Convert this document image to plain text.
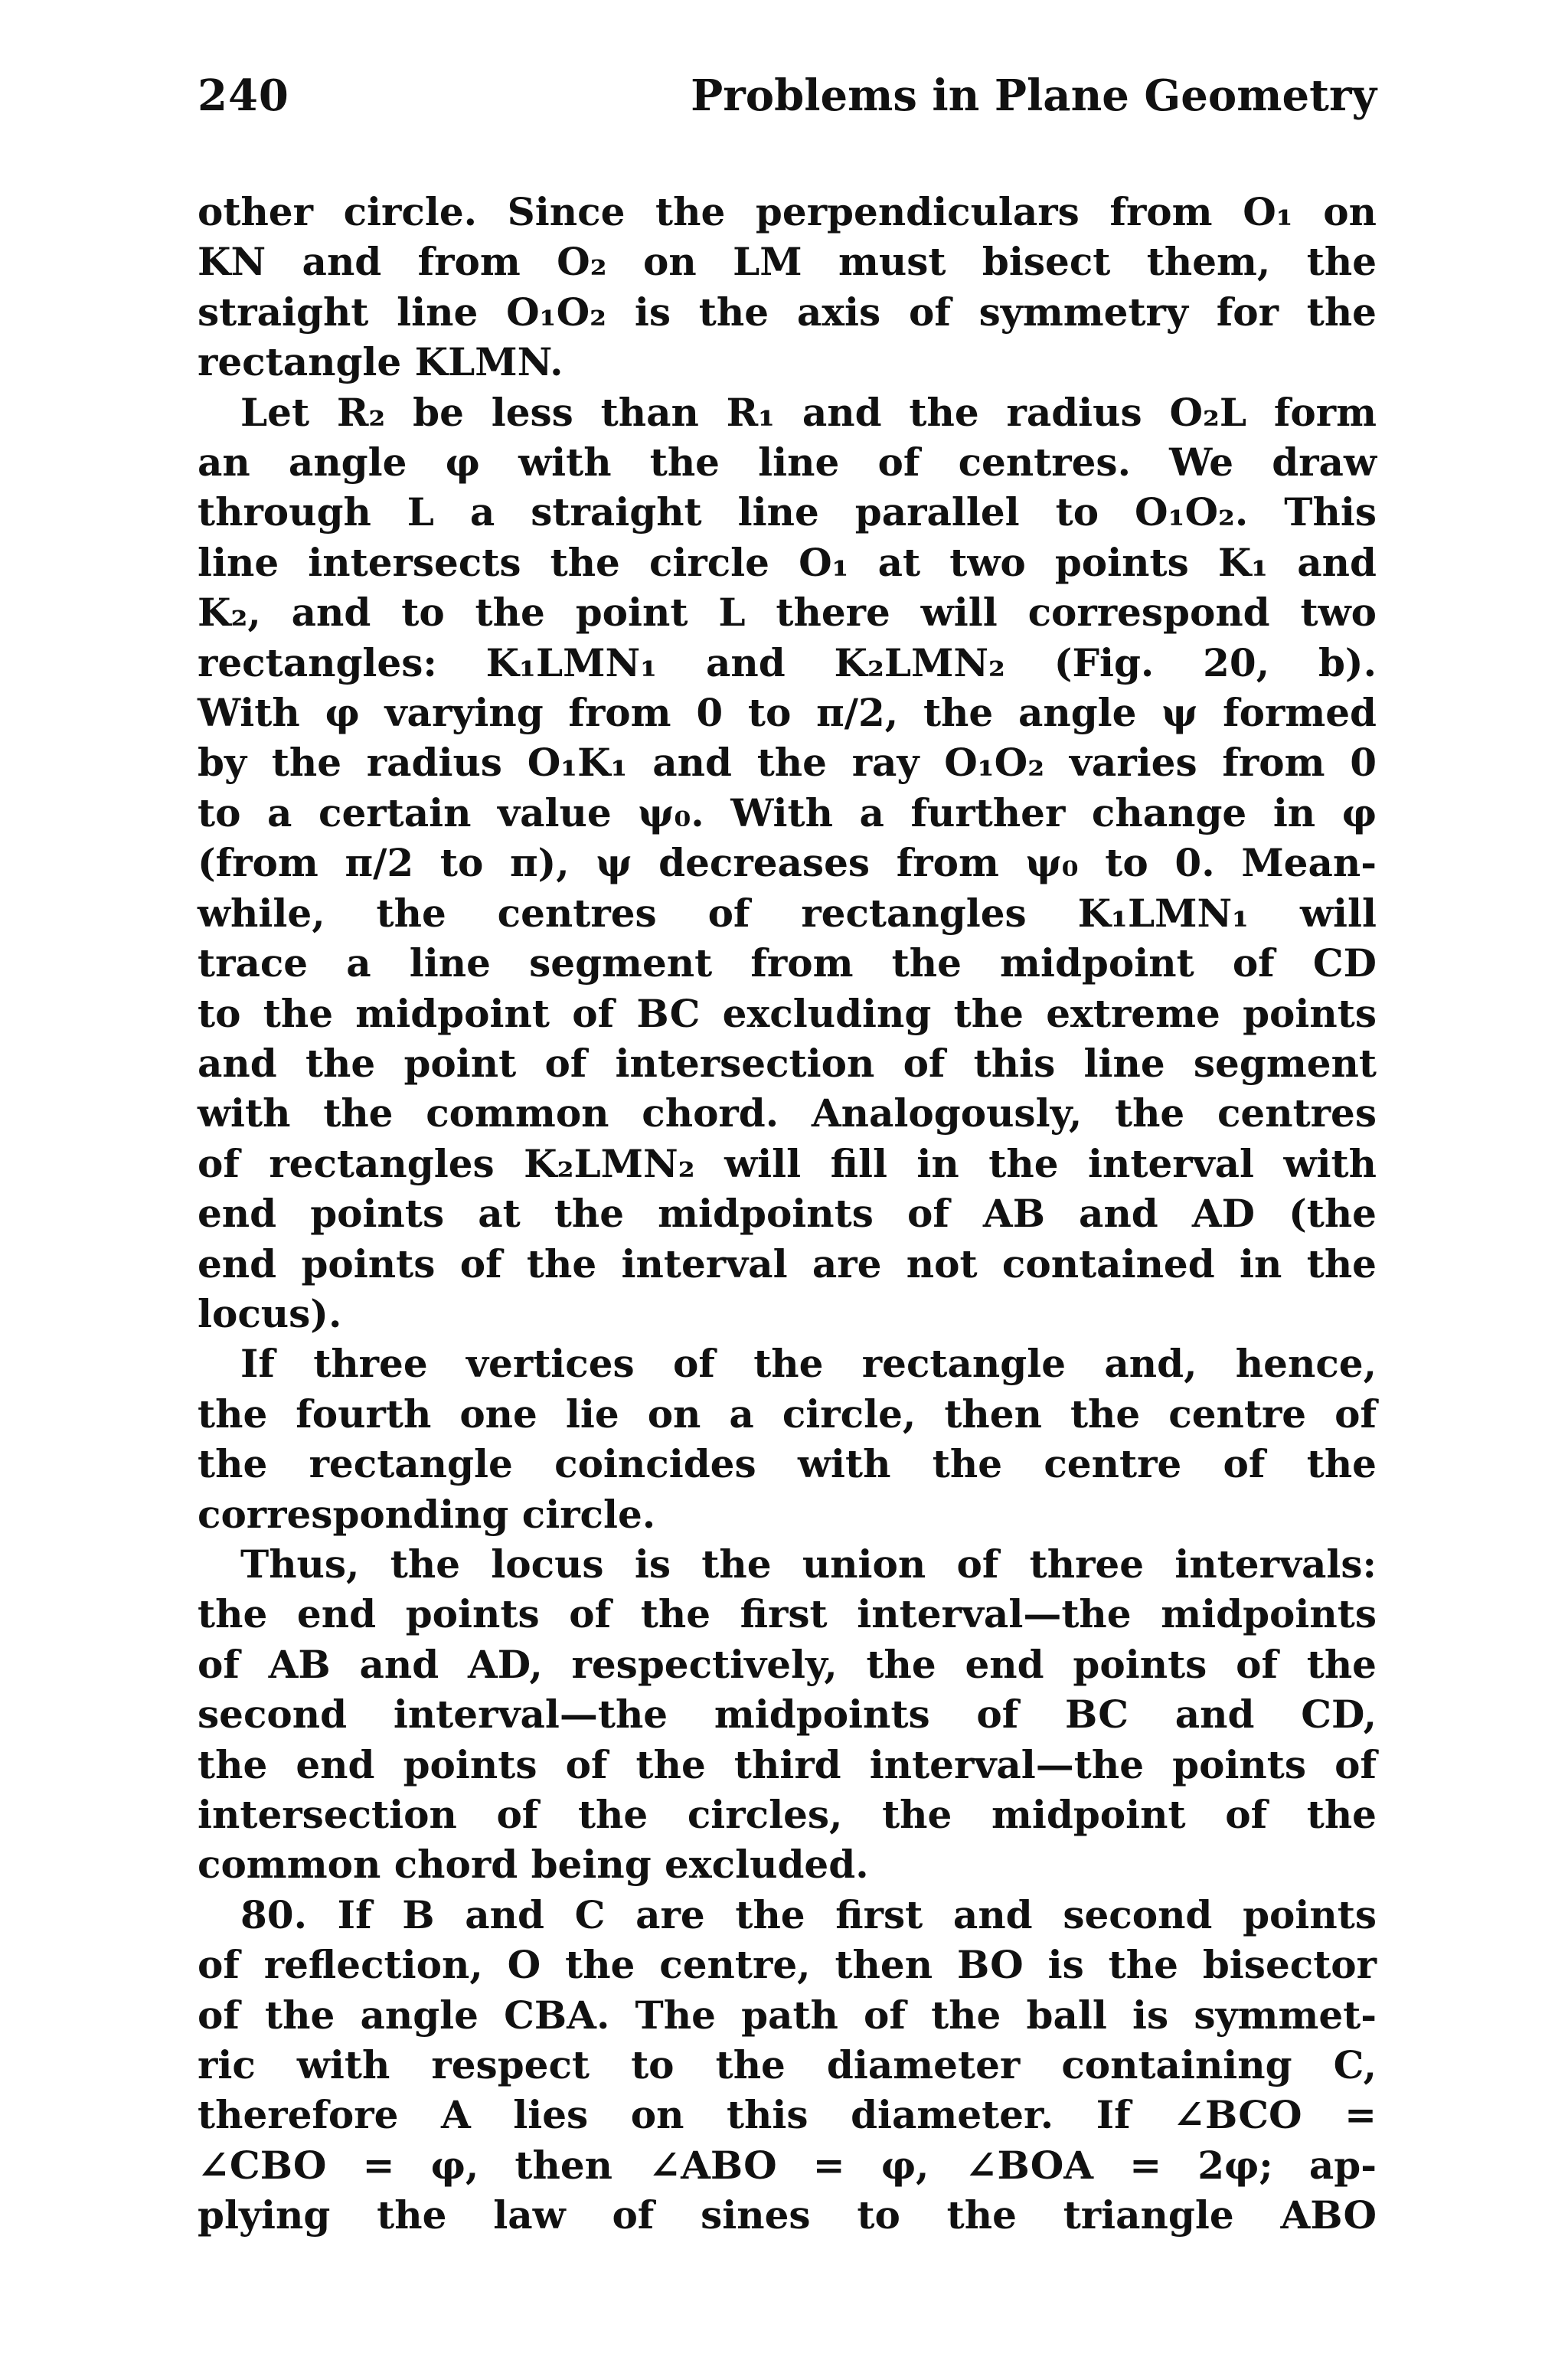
240	Problems in Plane Geometry
other circle. Since the perpendiculars from O₁ on
KN and from O₂ on LM must bisect them, the
straight line O₁O₂ is the axis of symmetry for the
rectangle KLMN.
Let R₂ be less than R₁ and the radius O₂L form
an angle φ with the line of centres. We draw
through L a straight line parallel to O₁O₂. This
line intersects the circle O₁ at two points K₁ and
K₂, and to the point L there will correspond two
rectangles: K₁LMN₁ and K₂LMN₂ (Fig. 20, b).
With φ varying from 0 to π/2, the angle ψ formed
by the radius O₁K₁ and the ray O₁O₂ varies from 0
to a certain value ψ₀. With a further change in φ
(from π/2 to π), ψ decreases from ψ₀ to 0. Mean-
while, the centres of rectangles K₁LMN₁ will
trace a line segment from the midpoint of CD
to the midpoint of BC excluding the extreme points
and the point of intersection of this line segment
with the common chord. Analogously, the centres
of rectangles K₂LMN₂ will fill in the interval with
end points at the midpoints of AB and AD (the
end points of the interval are not contained in the
locus).
If three vertices of the rectangle and, hence,
the fourth one lie on a circle, then the centre of
the rectangle coincides with the centre of the
corresponding circle.
Thus, the locus is the union of three intervals:
the end points of the first interval—the midpoints
of AB and AD, respectively, the end points of the
second interval—the midpoints of BC and CD,
the end points of the third interval—the points of
intersection of the circles, the midpoint of the
common chord being excluded.
80. If B and C are the first and second points
of reflection, O the centre, then BO is the bisector
of the angle CBA. The path of the ball is symmet-
ric with respect to the diameter containing C,
therefore A lies on this diameter. If ∠BCO =
∠CBO = φ, then ∠ABO = φ, ∠BOA = 2φ; ap-
plying the law of sines to the triangle ABO
